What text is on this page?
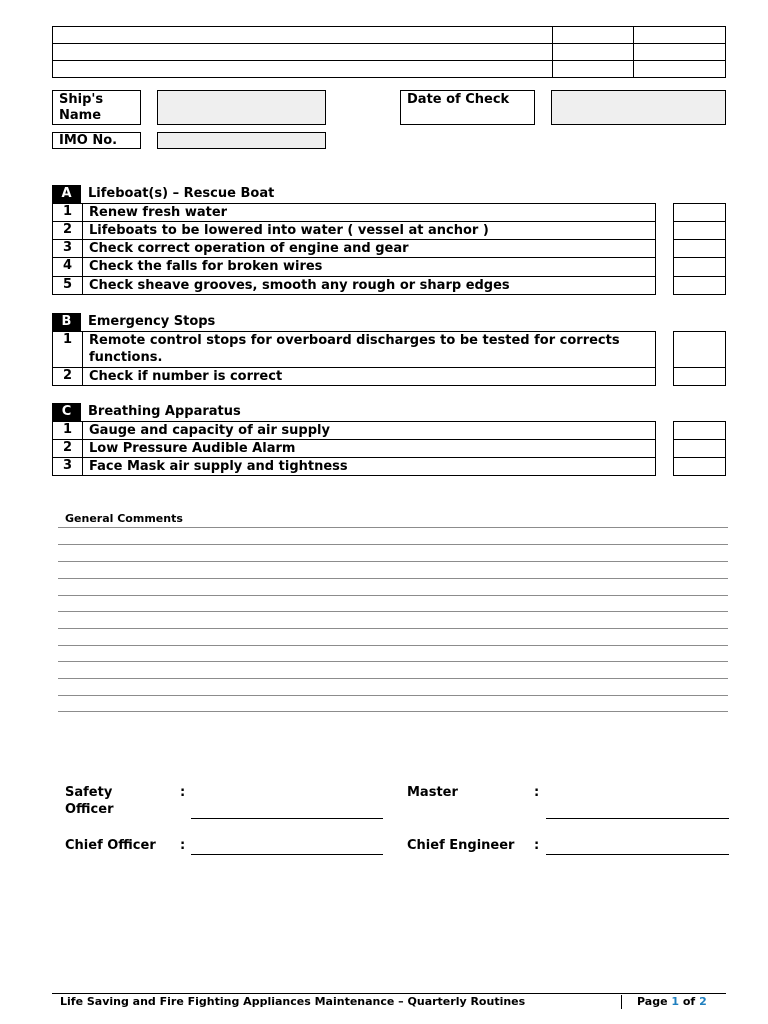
Ship's Name
Date of Check
IMO No.
A	Lifeboat(s) – Rescue Boat
1	Renew fresh water
2	Lifeboats to be lowered into water ( vessel at anchor )
3	Check correct operation of engine and gear
4	Check the falls for broken wires
5	Check sheave grooves, smooth any rough or sharp edges
B	Emergency Stops
1	Remote control stops for overboard discharges to be tested for corrects functions.
2	Check if number is correct
C	Breathing Apparatus
1	Gauge and capacity of air supply
2	Low Pressure Audible Alarm
3	Face Mask air supply and tightness
General Comments
Safety
Officer
:	Master	:
Chief Officer :	Chief Engineer :
Life Saving and Fire Fighting Appliances Maintenance – Quarterly Routines	Page 1 of 2
